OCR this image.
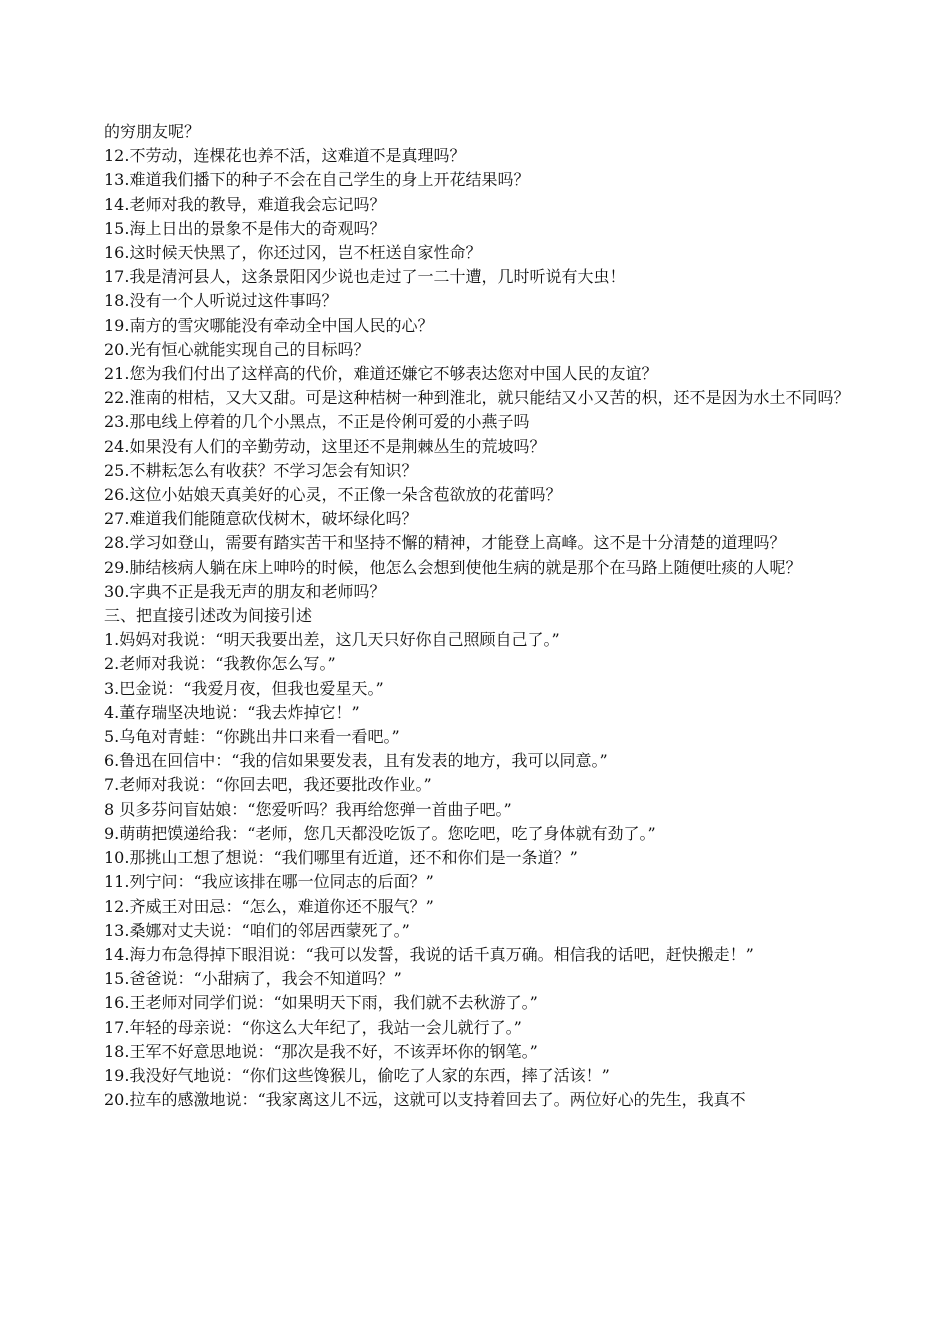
的穷朋友呢？
12.不劳动，连棵花也养不活，这难道不是真理吗？
13.难道我们播下的种子不会在自己学生的身上开花结果吗？
14.老师对我的教导，难道我会忘记吗？
15.海上日出的景象不是伟大的奇观吗？
16.这时候天快黑了，你还过冈，岂不枉送自家性命？
17.我是清河县人，这条景阳冈少说也走过了一二十遭，几时听说有大虫！
18.没有一个人听说过这件事吗？
19.南方的雪灾哪能没有牵动全中国人民的心？
20.光有恒心就能实现自己的目标吗？
21.您为我们付出了这样高的代价，难道还嫌它不够表达您对中国人民的友谊？
22.淮南的柑桔，又大又甜。可是这种桔树一种到淮北，就只能结又小又苦的枳，还不是因为水土不同吗？
23.那电线上停着的几个小黑点，不正是伶俐可爱的小燕子吗
24.如果没有人们的辛勤劳动，这里还不是荆棘丛生的荒坡吗？
25.不耕耘怎么有收获？不学习怎会有知识？
26.这位小姑娘天真美好的心灵，不正像一朵含苞欲放的花蕾吗？
27.难道我们能随意砍伐树木，破坏绿化吗？
28.学习如登山，需要有踏实苦干和坚持不懈的精神，才能登上高峰。这不是十分清楚的道理吗？
29.肺结核病人躺在床上呻吟的时候，他怎么会想到使他生病的就是那个在马路上随便吐痰的人呢？
30.字典不正是我无声的朋友和老师吗？
三、把直接引述改为间接引述
1.妈妈对我说：“明天我要出差，这几天只好你自己照顾自己了。”
2.老师对我说：“我教你怎么写。”
3.巴金说：“我爱月夜，但我也爱星天。”
4.董存瑞坚决地说：“我去炸掉它！”
5.乌龟对青蛙：“你跳出井口来看一看吧。”
6.鲁迅在回信中：“我的信如果要发表，且有发表的地方，我可以同意。”
7.老师对我说：“你回去吧，我还要批改作业。”
8 贝多芬问盲姑娘：“您爱听吗？我再给您弹一首曲子吧。”
9.萌萌把馍递给我：“老师，您几天都没吃饭了。您吃吧，吃了身体就有劲了。”
10.那挑山工想了想说：“我们哪里有近道，还不和你们是一条道？”
11.列宁问：“我应该排在哪一位同志的后面？”
12.齐威王对田忌：“怎么，难道你还不服气？”
13.桑娜对丈夫说：“咱们的邻居西蒙死了。”
14.海力布急得掉下眼泪说：“我可以发誓，我说的话千真万确。相信我的话吧，赶快搬走！”
15.爸爸说：“小甜病了，我会不知道吗？”
16.王老师对同学们说：“如果明天下雨，我们就不去秋游了。”
17.年轻的母亲说：“你这么大年纪了，我站一会儿就行了。”
18.王军不好意思地说：“那次是我不好，不该弄坏你的钢笔。”
19.我没好气地说：“你们这些馋猴儿，偷吃了人家的东西，摔了活该！”
20.拉车的感激地说：“我家离这儿不远，这就可以支持着回去了。两位好心的先生，我真不
